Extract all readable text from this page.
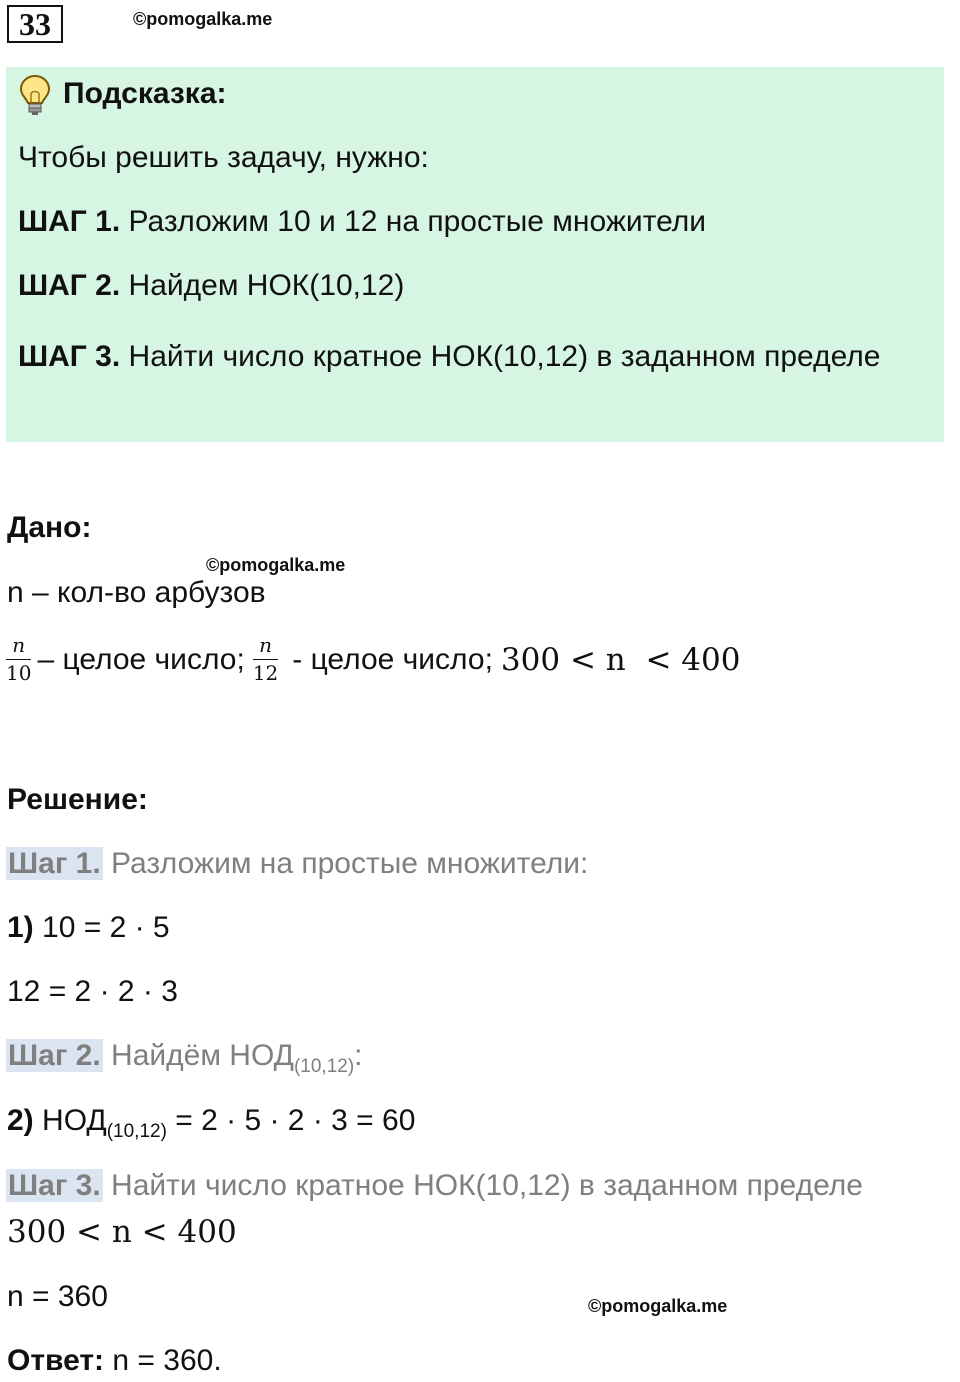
33	©pomogalka.me
Подсказка:
Чтобы решить задачу, нужно:
ШАГ 1. Разложим 10 и 12 на простые множители
ШАГ 2. Найдем НОК(10,12)
ШАГ 3. Найти число кратное НОК(10,12) в заданном пределе
Дано:
©pomogalka.me
n – кол-во арбузов
$\frac{n}{10}$ – целое число; $\frac{n}{12}$ - целое число; 300 < n  < 400
Решение:
Шаг 1. Разложим на простые множители:
1) 10 = 2 · 5
12 = 2 · 2 · 3
Шаг 2. Найдём $НОД_{(10,12)}$:
2) $НОД_{(10,12)} = 2 \cdot 5 \cdot 2 \cdot 3 = 60$
Шаг 3. Найти число кратное НОК(10,12) в заданном пределе
300 < n < 400
n = 360	©pomogalka.me
Ответ: n = 360.
